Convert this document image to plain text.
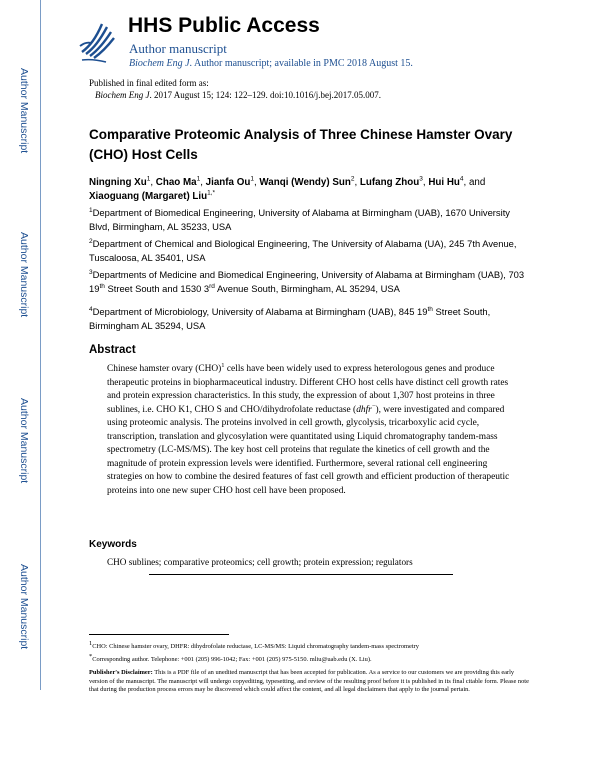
Author Manuscript
Author Manuscript
Author Manuscript
Author Manuscript
HHS Public Access
Author manuscript
Biochem Eng J. Author manuscript; available in PMC 2018 August 15.
Published in final edited form as:
Biochem Eng J. 2017 August 15; 124: 122–129. doi:10.1016/j.bej.2017.05.007.
Comparative Proteomic Analysis of Three Chinese Hamster Ovary (CHO) Host Cells
Ningning Xu$^1$, Chao Ma$^1$, Jianfa Ou$^1$, Wanqi (Wendy) Sun$^2$, Lufang Zhou$^3$, Hui Hu$^4$, and Xiaoguang (Margaret) Liu$^{1,*}$
$^1$Department of Biomedical Engineering, University of Alabama at Birmingham (UAB), 1670 University Blvd, Birmingham, AL 35233, USA
$^2$Department of Chemical and Biological Engineering, The University of Alabama (UA), 245 7th Avenue, Tuscaloosa, AL 35401, USA
$^3$Departments of Medicine and Biomedical Engineering, University of Alabama at Birmingham (UAB), 703 19th Street South and 1530 3rd Avenue South, Birmingham, AL 35294, USA
$^4$Department of Microbiology, University of Alabama at Birmingham (UAB), 845 19th Street South, Birmingham AL 35294, USA
Abstract
Chinese hamster ovary (CHO)$^1$ cells have been widely used to express heterologous genes and produce therapeutic proteins in biopharmaceutical industry. Different CHO host cells have distinct cell growth rates and protein expression characteristics. In this study, the expression of about 1,307 host proteins in three sublines, i.e. CHO K1, CHO S and CHO/dihydrofolate reductase (dhfr−), were investigated and compared using proteomic analysis. The proteins involved in cell growth, glycolysis, tricarboxylic acid cycle, transcription, translation and glycosylation were quantitated using Liquid chromatography tandem-mass spectrometry (LC-MS/MS). The key host cell proteins that regulate the kinetics of cell growth and the magnitude of protein expression levels were identified. Furthermore, several rational cell engineering strategies on how to combine the desired features of fast cell growth and efficient production of therapeutic proteins into one new super CHO host cell have been proposed.
Keywords
CHO sublines; comparative proteomics; cell growth; protein expression; regulators
$^1$CHO: Chinese hamster ovary, DHFR: dihydrofolate reductase, LC-MS/MS: Liquid chromatography tandem-mass spectrometry
*Corresponding author. Telephone: +001 (205) 996-1042; Fax: +001 (205) 975-5150. mliu@uab.edu (X. Liu).
Publisher's Disclaimer: This is a PDF file of an unedited manuscript that has been accepted for publication. As a service to our customers we are providing this early version of the manuscript. The manuscript will undergo copyediting, typesetting, and review of the resulting proof before it is published in its final citable form. Please note that during the production process errors may be discovered which could affect the content, and all legal disclaimers that apply to the journal pertain.
